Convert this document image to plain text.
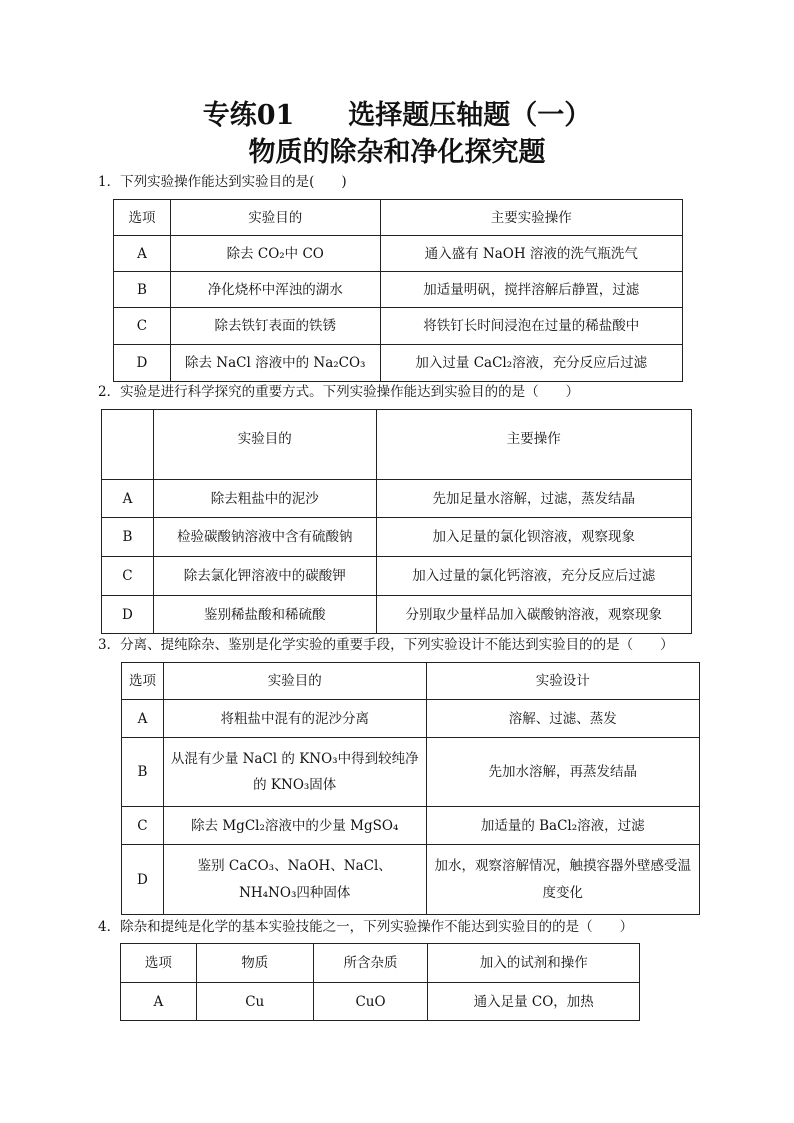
专练01　　选择题压轴题（一）
物质的除杂和净化探究题
1．下列实验操作能达到实验目的是(　　)
选项	实验目的	主要实验操作
A	除去 CO₂中 CO	通入盛有 NaOH 溶液的洗气瓶洗气
B	净化烧杯中浑浊的湖水	加适量明矾，搅拌溶解后静置，过滤
C	除去铁钉表面的铁锈	将铁钉长时间浸泡在过量的稀盐酸中
D	除去 NaCl 溶液中的 Na₂CO₃	加入过量 CaCl₂溶液，充分反应后过滤
2．实验是进行科学探究的重要方式。下列实验操作能达到实验目的的是（　　）
	实验目的	主要操作
A	除去粗盐中的泥沙	先加足量水溶解，过滤，蒸发结晶
B	检验碳酸钠溶液中含有硫酸钠	加入足量的氯化钡溶液，观察现象
C	除去氯化钾溶液中的碳酸钾	加入过量的氯化钙溶液，充分反应后过滤
D	鉴别稀盐酸和稀硫酸	分别取少量样品加入碳酸钠溶液，观察现象
3．分离、提纯除杂、鉴别是化学实验的重要手段，下列实验设计不能达到实验目的的是（　　）
选项	实验目的	实验设计
A	将粗盐中混有的泥沙分离	溶解、过滤、蒸发
B	从混有少量 NaCl 的 KNO₃中得到较纯净的 KNO₃固体	先加水溶解，再蒸发结晶
C	除去 MgCl₂溶液中的少量 MgSO₄	加适量的 BaCl₂溶液，过滤
D	鉴别 CaCO₃、NaOH、NaCl、NH₄NO₃四种固体	加水，观察溶解情况，触摸容器外壁感受温度变化
4．除杂和提纯是化学的基本实验技能之一，下列实验操作不能达到实验目的的是（　　）
选项	物质	所含杂质	加入的试剂和操作
A	Cu	CuO	通入足量 CO，加热
